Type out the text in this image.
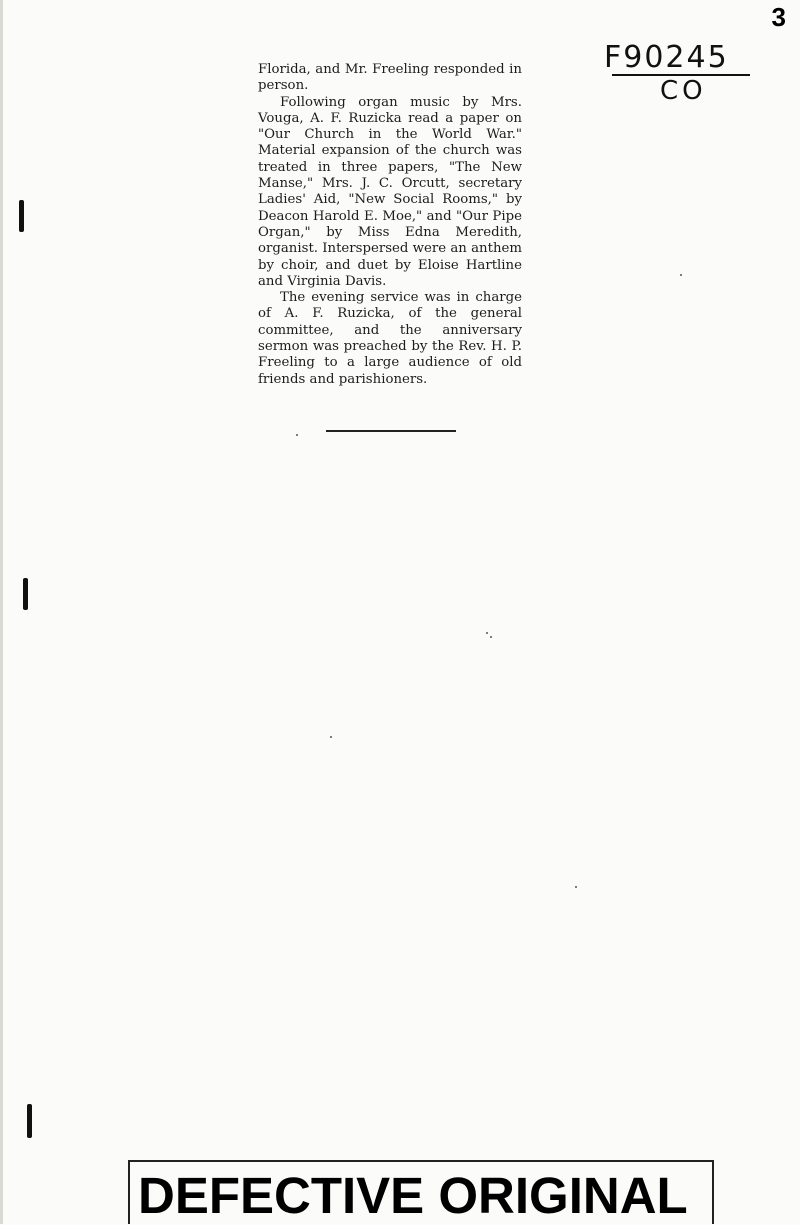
3
F90245
CO

Florida, and Mr. Freeling responded in person.

Following organ music by Mrs. Vouga, A. F. Ruzicka read a paper on "Our Church in the World War." Material expansion of the church was treated in three papers, "The New Manse," Mrs. J. C. Orcutt, secretary Ladies' Aid, "New Social Rooms," by Deacon Harold E. Moe," and "Our Pipe Organ," by Miss Edna Meredith, organist. Interspersed were an anthem by choir, and duet by Eloise Hartline and Virginia Davis.

The evening service was in charge of A. F. Ruzicka, of the general committee, and the anniversary sermon was preached by the Rev. H. P. Freeling to a large audience of old friends and parishioners.

DEFECTIVE ORIGINAL
